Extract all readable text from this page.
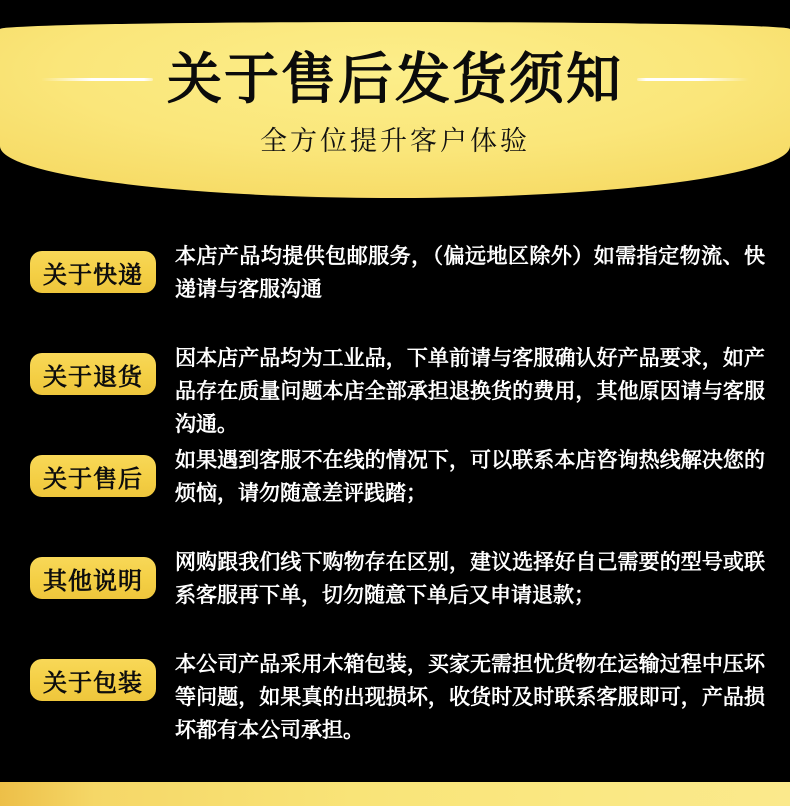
关于售后发货须知

全方位提升客户体验

关于快递
本店产品均提供包邮服务，（偏远地区除外）如需指定物流、快递请与客服沟通
关于退货
因本店产品均为工业品，下单前请与客服确认好产品要求，如产品存在质量问题本店全部承担退换货的费用，其他原因请与客服沟通。
关于售后
如果遇到客服不在线的情况下，可以联系本店咨询热线解决您的烦恼，请勿随意差评践踏；
其他说明
网购跟我们线下购物存在区别，建议选择好自己需要的型号或联系客服再下单，切勿随意下单后又申请退款；
关于包装
本公司产品采用木箱包装，买家无需担忧货物在运输过程中压坏等问题，如果真的出现损坏，收货时及时联系客服即可，产品损坏都有本公司承担。
